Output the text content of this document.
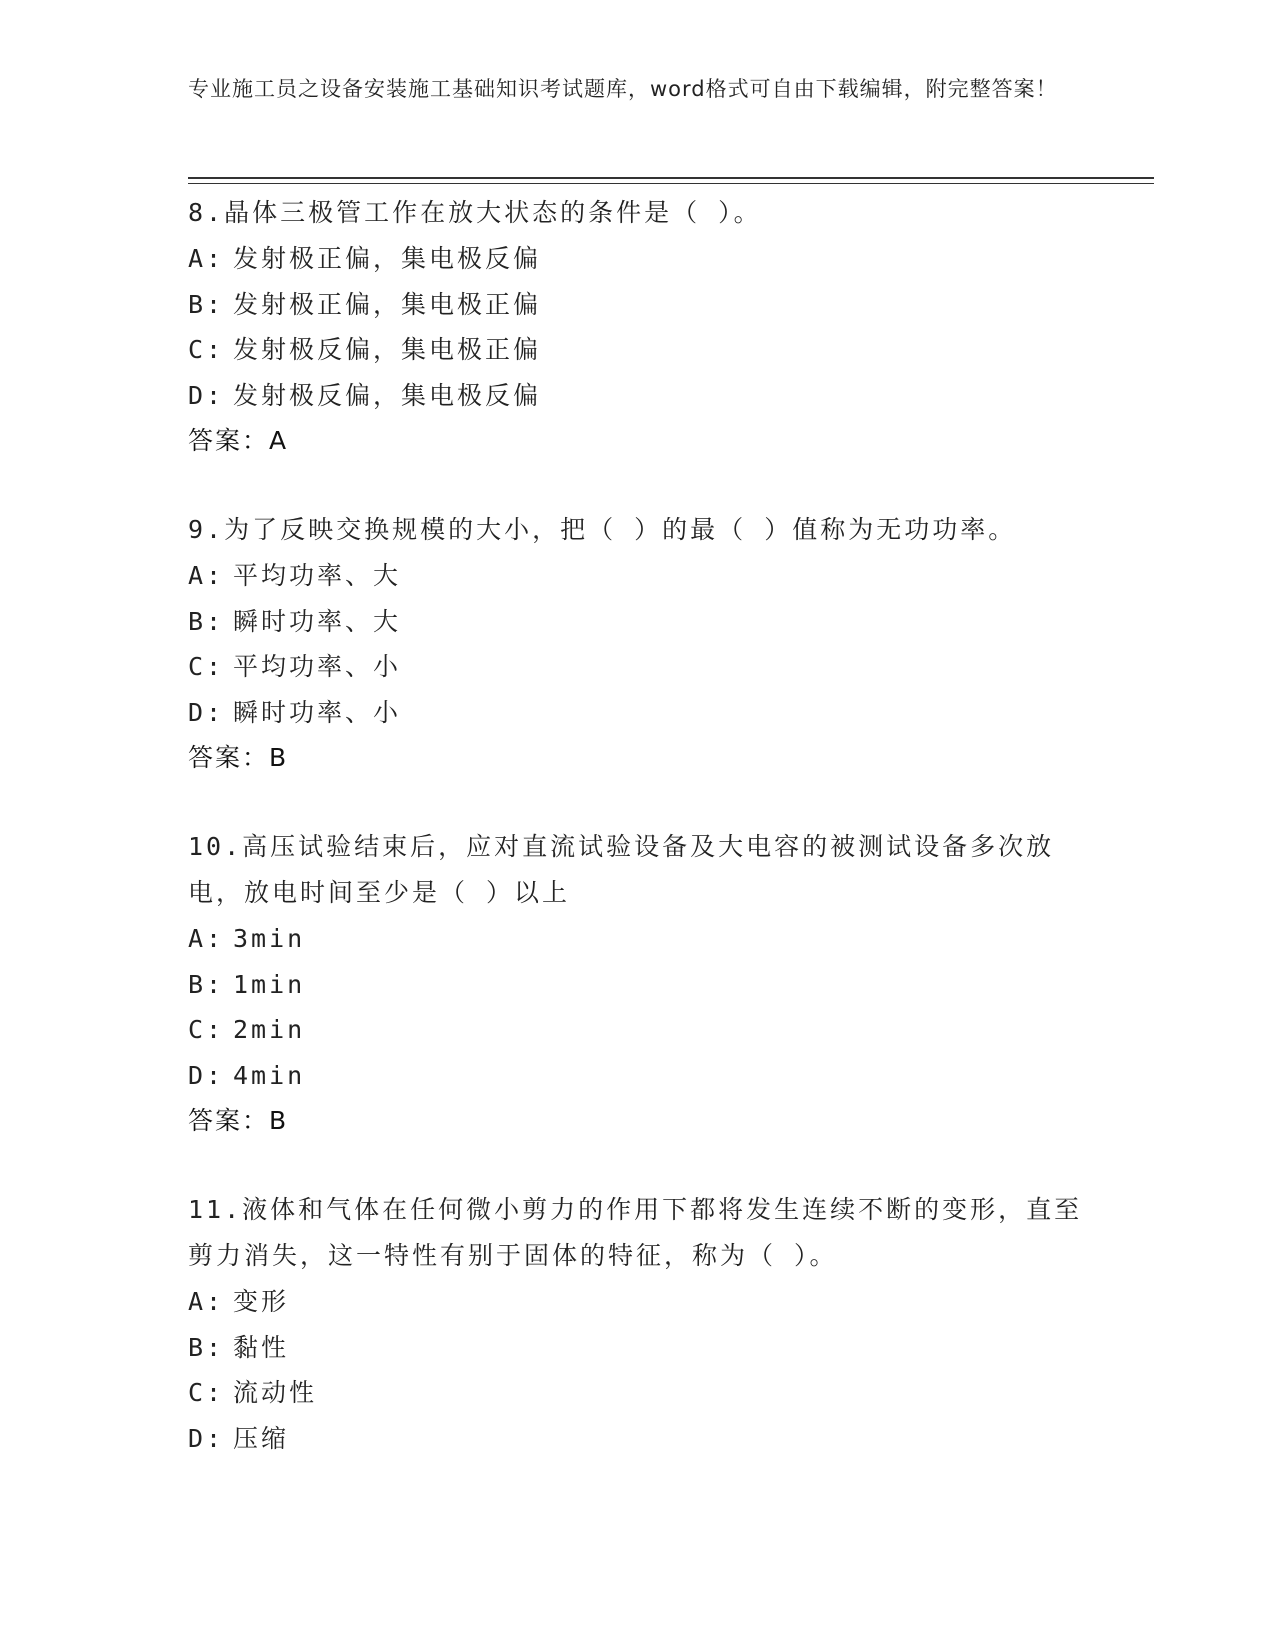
专业施工员之设备安装施工基础知识考试题库，word格式可自由下载编辑，附完整答案！

8.晶体三极管工作在放大状态的条件是（ ）。

A: 发射极正偏，集电极反偏
B: 发射极正偏，集电极正偏
C: 发射极反偏，集电极正偏
D: 发射极反偏，集电极反偏
答案：A

9.为了反映交换规模的大小，把（ ）的最（ ）值称为无功功率。

A: 平均功率、大
B: 瞬时功率、大
C: 平均功率、小
D: 瞬时功率、小
答案：B

10.高压试验结束后，应对直流试验设备及大电容的被测试设备多次放电，放电时间至少是（ ）以上

A: 3min
B: 1min
C: 2min
D: 4min
答案：B

11.液体和气体在任何微小剪力的作用下都将发生连续不断的变形，直至剪力消失，这一特性有别于固体的特征，称为（ ）。

A: 变形
B: 黏性
C: 流动性
D: 压缩
